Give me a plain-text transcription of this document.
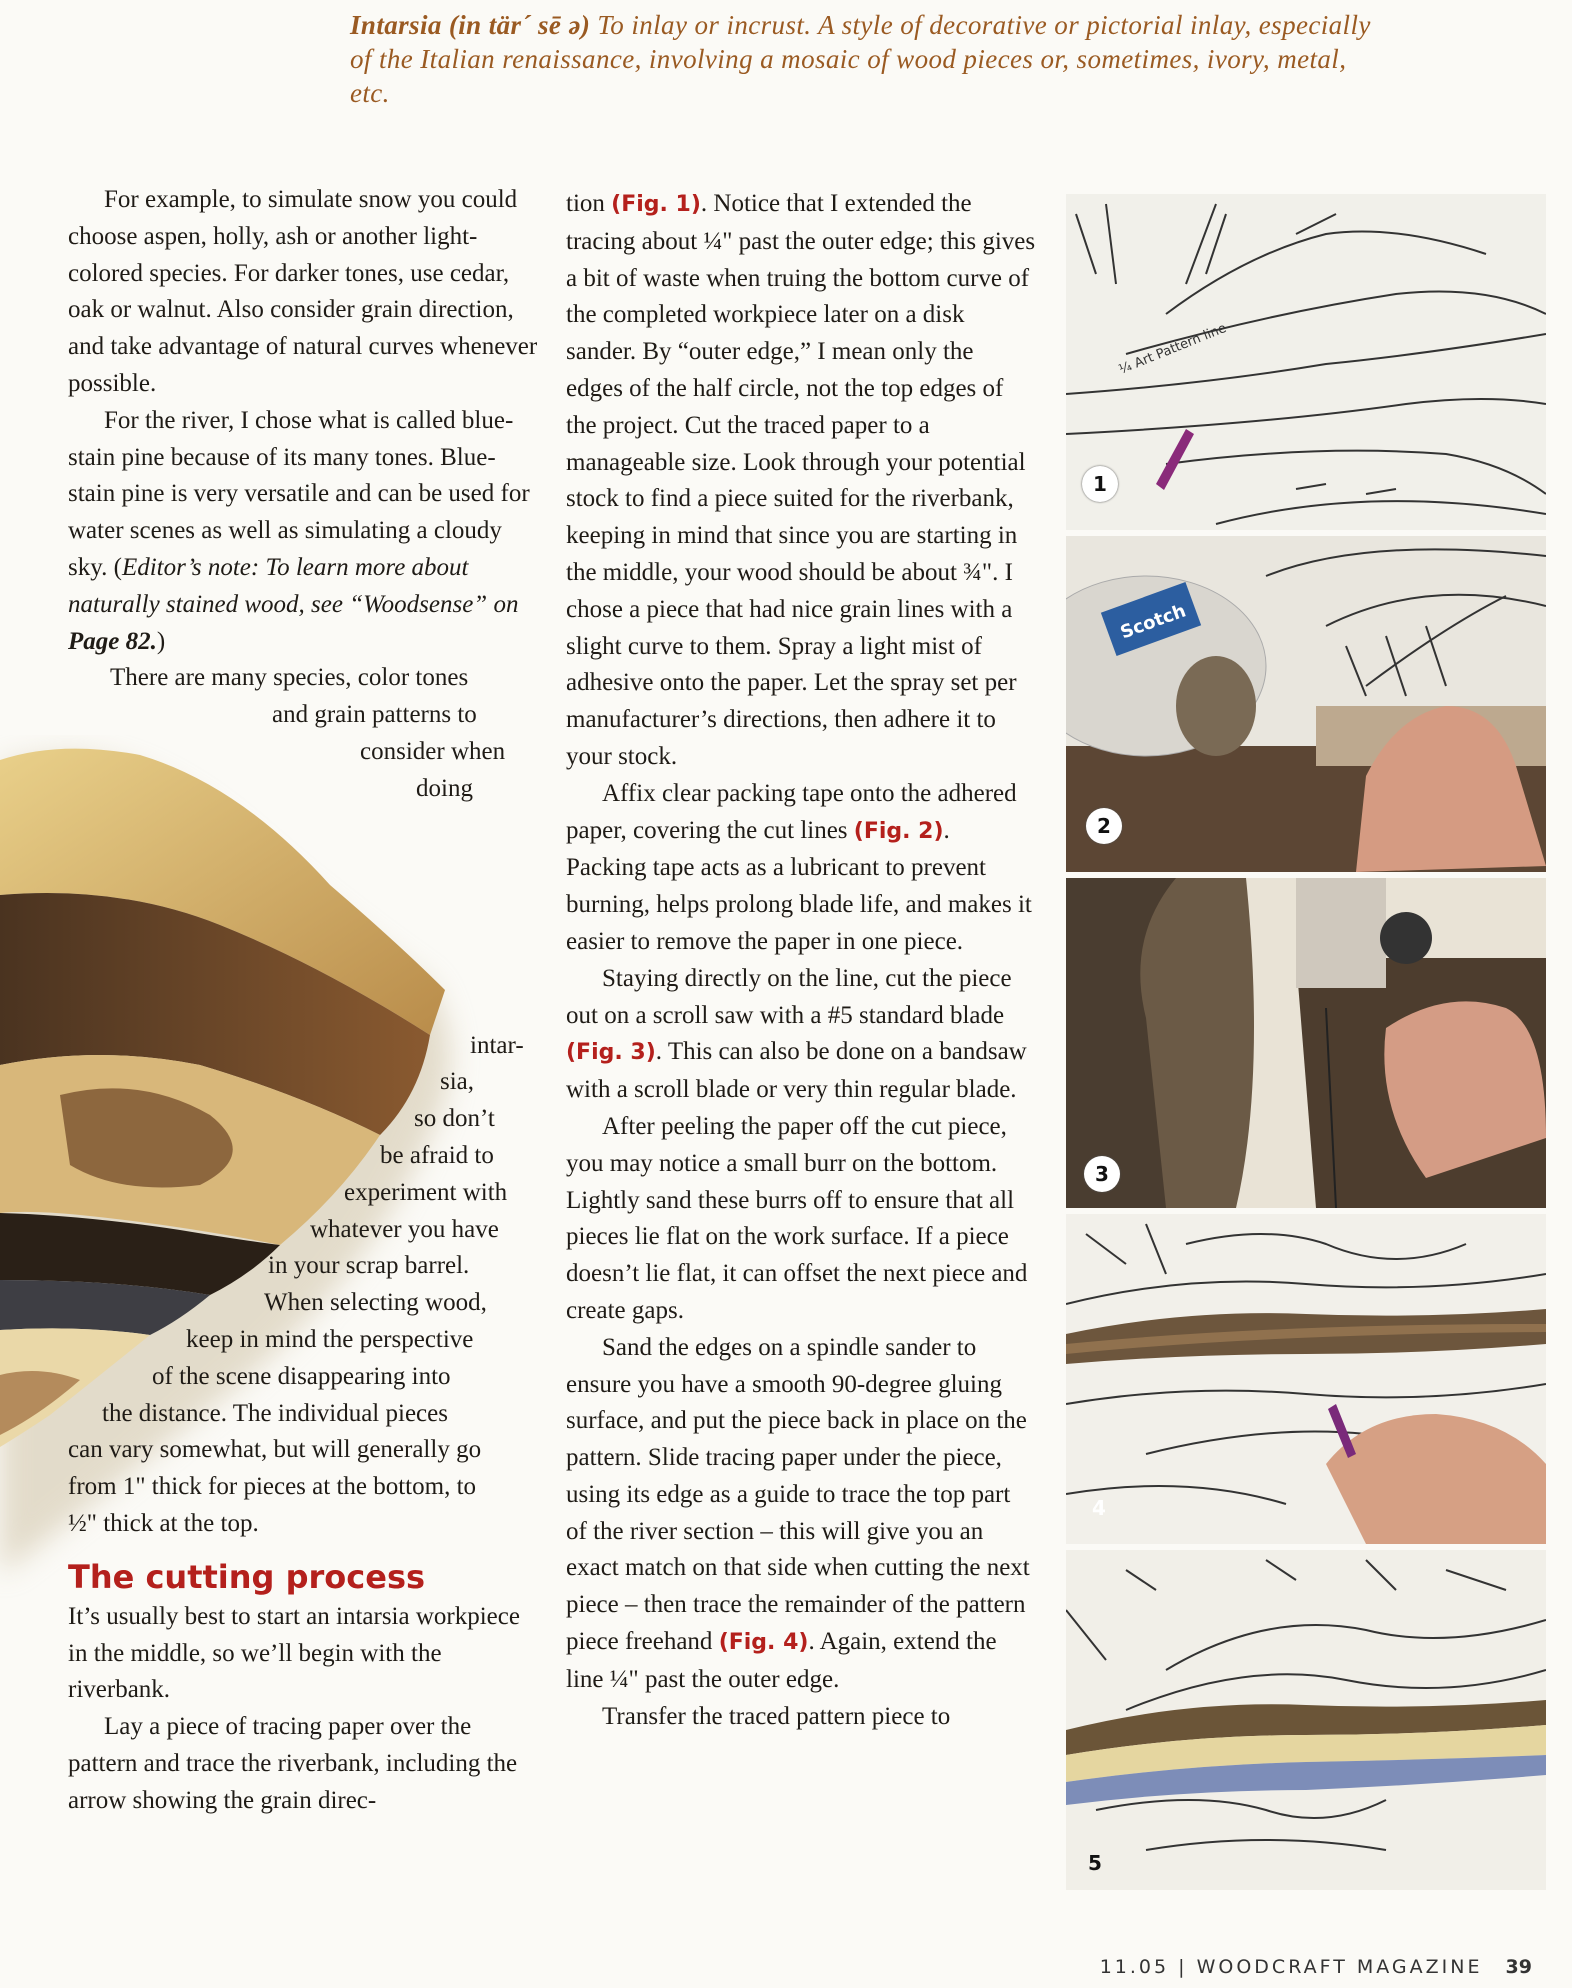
Intarsia (in tär´ sē ə) To inlay or incrust. A style of decorative or pictorial inlay, especially of the Italian renaissance, involving a mosaic of wood pieces or, sometimes, ivory, metal, etc.

For example, to simulate snow you could choose aspen, holly, ash or another light-colored species. For darker tones, use cedar, oak or walnut. Also consider grain direction, and take advantage of natural curves whenever possible.

For the river, I chose what is called blue-stain pine because of its many tones. Blue-stain pine is very versatile and can be used for water scenes as well as simulating a cloudy sky. (Editor’s note: To learn more about naturally stained wood, see “Woodsense” on Page 82.)

There are many species, color tones
and grain patterns to
consider when
doing
intar-
sia,
so don’t
be afraid to
experiment with
whatever you have
in your scrap barrel.
When selecting wood,
keep in mind the perspective
of the scene disappearing into
the distance. The individual pieces
can vary somewhat, but will generally go
from 1" thick for pieces at the bottom, to
½" thick at the top.

The cutting process

It’s usually best to start an intarsia workpiece in the middle, so we’ll begin with the riverbank.

Lay a piece of tracing paper over the pattern and trace the riverbank, including the arrow showing the grain direc-

tion (Fig. 1). Notice that I extended the tracing about ¼" past the outer edge; this gives a bit of waste when truing the bottom curve of the completed workpiece later on a disk sander. By “outer edge,” I mean only the edges of the half circle, not the top edges of the project. Cut the traced paper to a manageable size. Look through your potential stock to find a piece suited for the riverbank, keeping in mind that since you are starting in the middle, your wood should be about ¾". I chose a piece that had nice grain lines with a slight curve to them. Spray a light mist of adhesive onto the paper. Let the spray set per manufacturer’s directions, then adhere it to your stock.

Affix clear packing tape onto the adhered paper, covering the cut lines (Fig. 2). Packing tape acts as a lubricant to prevent burning, helps prolong blade life, and makes it easier to remove the paper in one piece.

Staying directly on the line, cut the piece out on a scroll saw with a #5 standard blade (Fig. 3). This can also be done on a bandsaw with a scroll blade or very thin regular blade.

After peeling the paper off the cut piece, you may notice a small burr on the bottom. Lightly sand these burrs off to ensure that all pieces lie flat on the work surface. If a piece doesn’t lie flat, it can offset the next piece and create gaps.

Sand the edges on a spindle sander to ensure you have a smooth 90-degree gluing surface, and put the piece back in place on the pattern. Slide tracing paper under the piece, using its edge as a guide to trace the top part of the river section – this will give you an exact match on that side when cutting the next piece – then trace the remainder of the pattern piece freehand (Fig. 4). Again, extend the line ¼" past the outer edge.

Transfer the traced pattern piece to

¼ Art Pattern line
1
Scotch
2
3
4
5
11.05 | WOODCRAFT MAGAZINE 39
